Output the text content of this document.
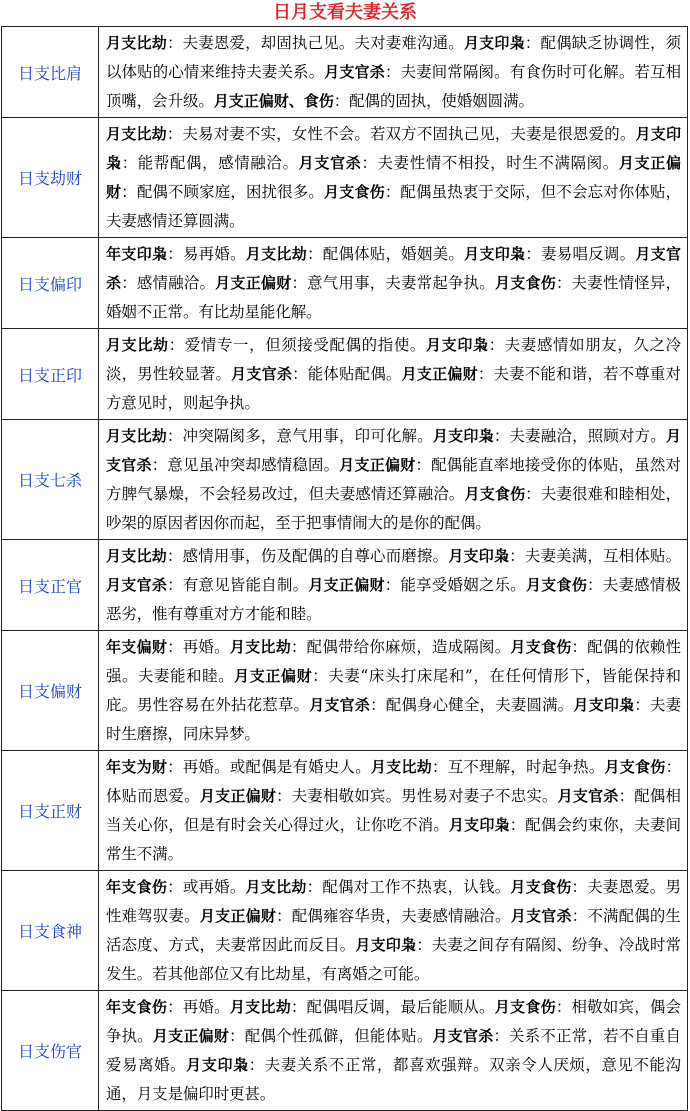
日月支看夫妻关系
日支比肩	月支比劫：夫妻恩爱，却固执己见。夫对妻难沟通。月支印枭：配偶缺乏协调性，须以体贴的心情来维持夫妻关系。月支官杀：夫妻间常隔阂。有食伤时可化解。若互相顶嘴，会升级。月支正偏财、食伤：配偶的固执，使婚姻圆满。
日支劫财	月支比劫：夫易对妻不实，女性不会。若双方不固执己见，夫妻是很恩爱的。月支印枭：能帮配偶，感情融洽。月支官杀：夫妻性情不相投，时生不满隔阂。月支正偏财：配偶不顾家庭，困扰很多。月支食伤：配偶虽热衷于交际，但不会忘对你体贴，夫妻感情还算圆满。
日支偏印	年支印枭：易再婚。月支比劫：配偶体贴，婚姻美。月支印枭：妻易唱反调。月支官杀：感情融洽。月支正偏财：意气用事，夫妻常起争执。月支食伤：夫妻性情怪异，婚姻不正常。有比劫星能化解。
日支正印	月支比劫：爱情专一，但须接受配偶的指使。月支印枭：夫妻感情如朋友，久之冷淡，男性较显著。月支官杀：能体贴配偶。月支正偏财：夫妻不能和谐，若不尊重对方意见时，则起争执。
日支七杀	月支比劫：冲突隔阂多，意气用事，印可化解。月支印枭：夫妻融洽，照顾对方。月支官杀：意见虽冲突却感情稳固。月支正偏财：配偶能直率地接受你的体贴，虽然对方脾气暴燥，不会轻易改过，但夫妻感情还算融洽。月支食伤：夫妻很难和睦相处，吵架的原因者因你而起，至于把事情闹大的是你的配偶。
日支正官	月支比劫：感情用事，伤及配偶的自尊心而磨擦。月支印枭：夫妻美满，互相体贴。月支官杀：有意见皆能自制。月支正偏财：能享受婚姻之乐。月支食伤：夫妻感情极恶劣，惟有尊重对方才能和睦。
日支偏财	年支偏财：再婚。月支比劫：配偶带给你麻烦，造成隔阂。月支食伤：配偶的依赖性强。夫妻能和睦。月支正偏财：夫妻“床头打床尾和”，在任何情形下，皆能保持和庇。男性容易在外拈花惹草。月支官杀：配偶身心健全，夫妻圆满。月支印枭：夫妻时生磨擦，同床异梦。
日支正财	年支为财：再婚。或配偶是有婚史人。月支比劫：互不理解，时起争热。月支食伤：体贴而恩爱。月支正偏财：夫妻相敬如宾。男性易对妻子不忠实。月支官杀：配偶相当关心你，但是有时会关心得过火，让你吃不消。月支印枭：配偶会约束你，夫妻间常生不满。
日支食神	年支食伤：或再婚。月支比劫：配偶对工作不热衷，认钱。月支食伤：夫妻恩爱。男性难驾驭妻。月支正偏财：配偶雍容华贵，夫妻感情融洽。月支官杀：不满配偶的生活态度、方式，夫妻常因此而反目。月支印枭：夫妻之间存有隔阂、纷争、冷战时常发生。若其他部位又有比劫星，有离婚之可能。
日支伤官	年支食伤：再婚。月支比劫：配偶唱反调，最后能顺从。月支食伤：相敬如宾，偶会争执。月支正偏财：配偶个性孤僻，但能体贴。月支官杀：关系不正常，若不自重自爱易离婚。月支印枭：夫妻关系不正常，都喜欢强辩。双亲令人厌烦，意见不能沟通，月支是偏印时更甚。
